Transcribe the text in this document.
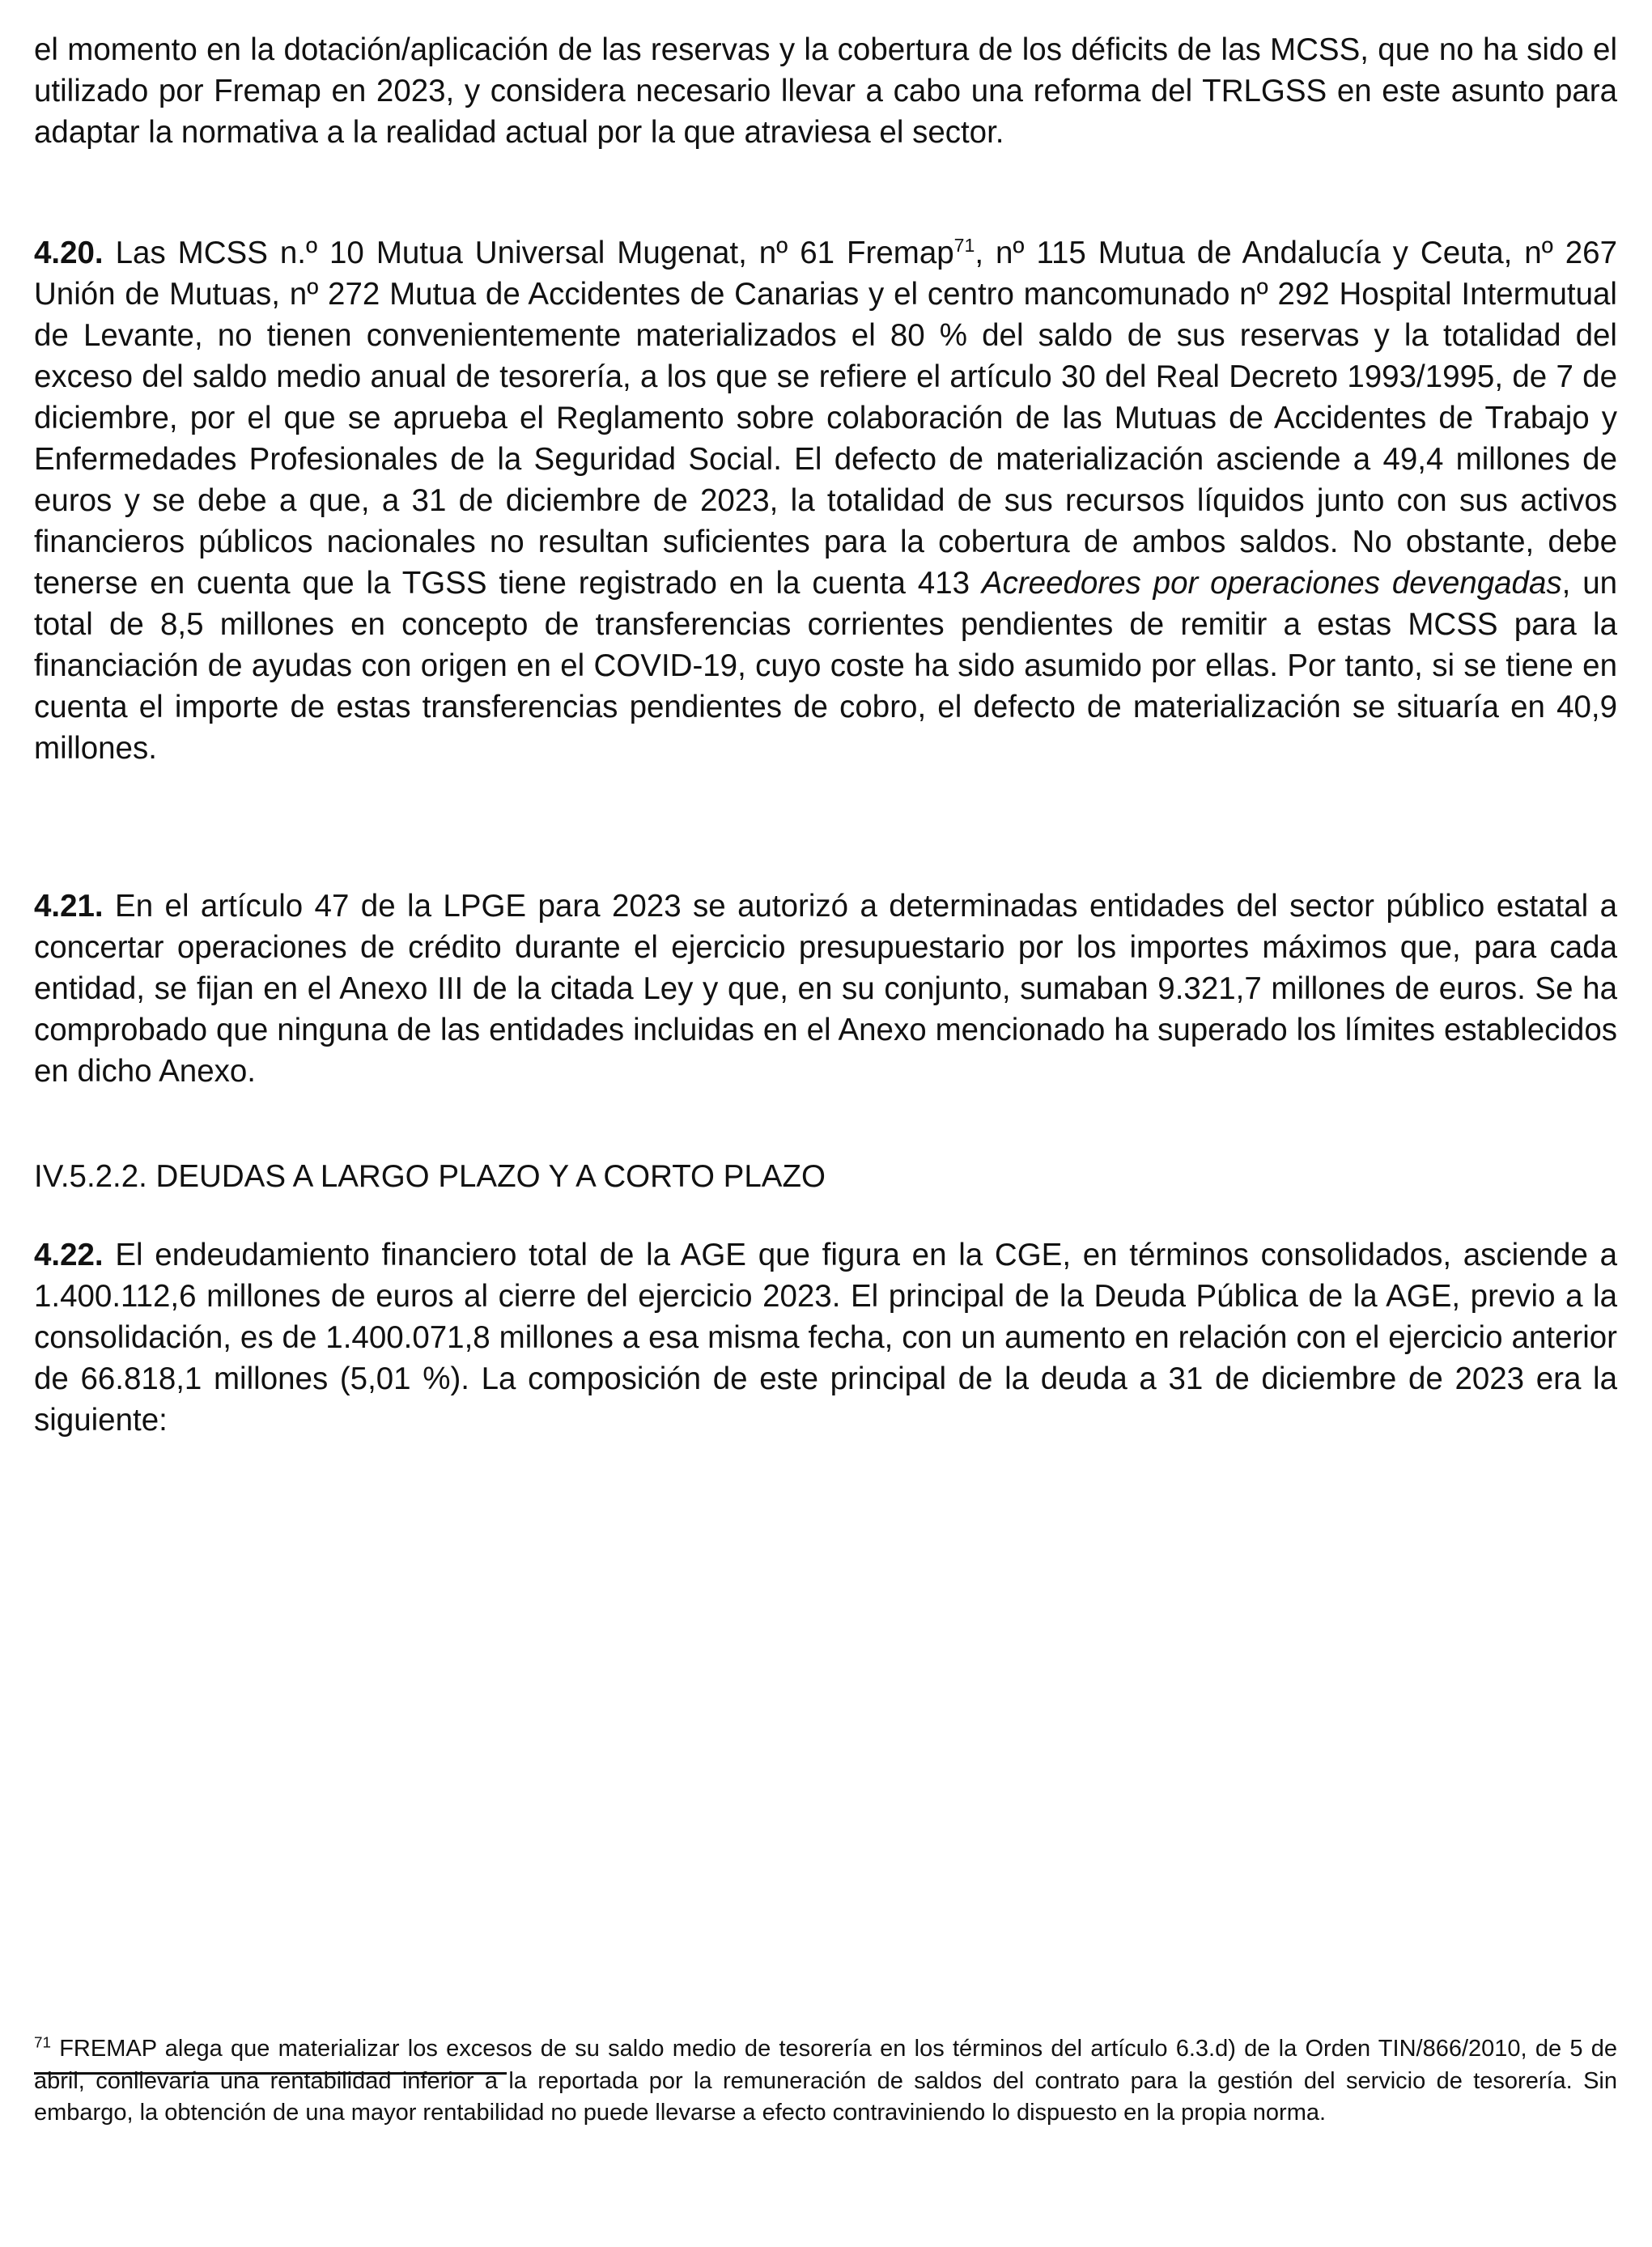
el momento en la dotación/aplicación de las reservas y la cobertura de los déficits de las MCSS, que no ha sido el utilizado por Fremap en 2023, y considera necesario llevar a cabo una reforma del TRLGSS en este asunto para adaptar la normativa a la realidad actual por la que atraviesa el sector.

4.20. Las MCSS n.º 10 Mutua Universal Mugenat, nº 61 Fremap$^{71}$, nº 115 Mutua de Andalucía y Ceuta, nº 267 Unión de Mutuas, nº 272 Mutua de Accidentes de Canarias y el centro mancomunado nº 292 Hospital Intermutual de Levante, no tienen convenientemente materializados el 80 % del saldo de sus reservas y la totalidad del exceso del saldo medio anual de tesorería, a los que se refiere el artículo 30 del Real Decreto 1993/1995, de 7 de diciembre, por el que se aprueba el Reglamento sobre colaboración de las Mutuas de Accidentes de Trabajo y Enfermedades Profesionales de la Seguridad Social. El defecto de materialización asciende a 49,4 millones de euros y se debe a que, a 31 de diciembre de 2023, la totalidad de sus recursos líquidos junto con sus activos financieros públicos nacionales no resultan suficientes para la cobertura de ambos saldos. No obstante, debe tenerse en cuenta que la TGSS tiene registrado en la cuenta 413 Acreedores por operaciones devengadas, un total de 8,5 millones en concepto de transferencias corrientes pendientes de remitir a estas MCSS para la financiación de ayudas con origen en el COVID-19, cuyo coste ha sido asumido por ellas. Por tanto, si se tiene en cuenta el importe de estas transferencias pendientes de cobro, el defecto de materialización se situaría en 40,9 millones.

4.21. En el artículo 47 de la LPGE para 2023 se autorizó a determinadas entidades del sector público estatal a concertar operaciones de crédito durante el ejercicio presupuestario por los importes máximos que, para cada entidad, se fijan en el Anexo III de la citada Ley y que, en su conjunto, sumaban 9.321,7 millones de euros. Se ha comprobado que ninguna de las entidades incluidas en el Anexo mencionado ha superado los límites establecidos en dicho Anexo.

IV.5.2.2. DEUDAS A LARGO PLAZO Y A CORTO PLAZO

4.22. El endeudamiento financiero total de la AGE que figura en la CGE, en términos consolidados, asciende a 1.400.112,6 millones de euros al cierre del ejercicio 2023. El principal de la Deuda Pública de la AGE, previo a la consolidación, es de 1.400.071,8 millones a esa misma fecha, con un aumento en relación con el ejercicio anterior de 66.818,1 millones (5,01 %). La composición de este principal de la deuda a 31 de diciembre de 2023 era la siguiente:

$^{71}$ FREMAP alega que materializar los excesos de su saldo medio de tesorería en los términos del artículo 6.3.d) de la Orden TIN/866/2010, de 5 de abril, conllevaría una rentabilidad inferior a la reportada por la remuneración de saldos del contrato para la gestión del servicio de tesorería. Sin embargo, la obtención de una mayor rentabilidad no puede llevarse a efecto contraviniendo lo dispuesto en la propia norma.
